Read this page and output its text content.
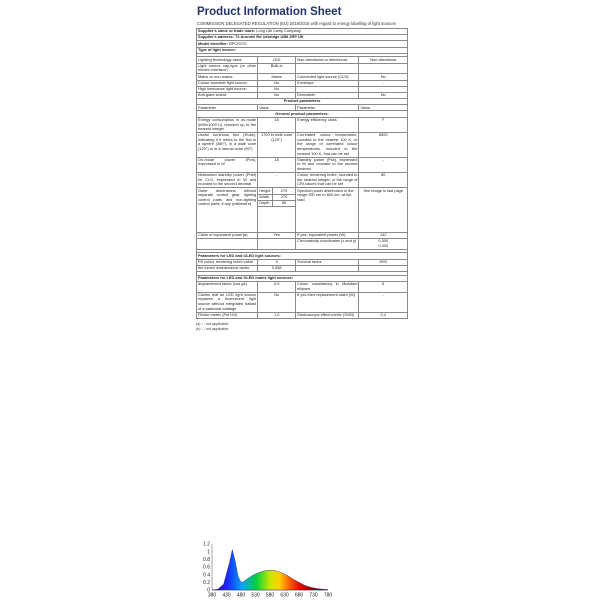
Product Information Sheet
COMMISSION DELEGATED REGULATION (EU) 2019/2015 with regard to energy labelling of light sources
Supplier's name or trade mark: Long Life Lamp Company				
Supplier's address: T2 Arundel Rd Uxbridge UB8 2RP UK				
Model identifier: BPCR270				
Type of light source:				

Lighting technology used:	LED		Non-directional or directional:	Non-directional
Light source cap-type (or other electric interface)	Built-in			
Mains or non-mains:	Mains		Connected light source (CLS):	No
Colour-tuneable light source:	No		Envelope:	-
High luminance light source:	No			
Anti-glare shield:	No		Dimmable:	No
Product parameters				
Parameter	Value		Parameter	Value
General product parameters:				
Energy consumption in on-mode (kWh/1000 h), rounded up to the nearest integer	18		Energy efficiency class	F
Useful luminous flux (Φuse), indicating if it refers to the flux in a sphere (360°), in a wide cone (120°) or in a narrow cone (90°)	1700 in wide cone (120°)		Correlated colour temperature, rounded to the nearest 100 K, or the range of correlated colour temperatures, rounded to the nearest 100 K, that can be set	6500
On-mode power (Pon), expressed in W	18		Standby power (Psb), expressed in W and rounded to the second decimal	-
Networked standby power (Pnet) for CLS, expressed in W and rounded to the second decimal	-		Colour rendering index, rounded to the nearest integer, or the range of CRI-values that can be set	80
Outer dimensions without separate control gear, lighting control parts and non-lighting control parts, if any (millimetre)	Height	270	Spectral power distribution in the range 250 nm to 800 nm, at full-load	See image in last page
	Width	270		
	Depth	80		

Claim of equivalent power(a)	Yes		If yes, equivalent power (W)	142
			Chromaticity coordinates (x and y)	0,300
0,330

Parameters for LED and OLED light sources:				
R9 colour rendering index value	0		Survival factor	90%
the lumen maintenance factor	0,958			

Parameters for LED and OLED mains light sources:				
displacement factor (cos φ1)	0,9		Colour consistency in McAdam ellipses	6
Claims that an LED light source replaces a fluorescent light source without integrated ballast of a particular wattage.	No		If yes then replacement claim (W)	-
Flicker metric (Pst LM)	1,0		Stroboscopic effect metric (SVM)	0,4
(a) '-': not applicable;
(b) '-': not applicable;
1.2
1
0.8
0.6
0.4
0.2
0
380 430 480 530 580 630 680 730 780
